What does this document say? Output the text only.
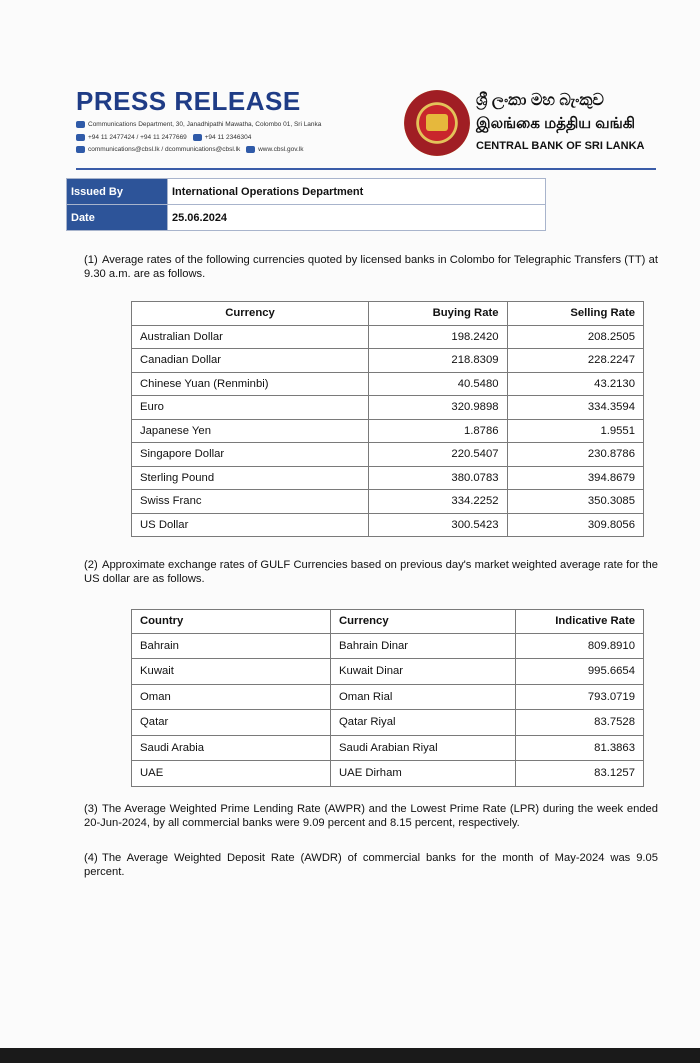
PRESS RELEASE
Communications Department, 30, Janadhipathi Mawatha, Colombo 01, Sri Lanka
+94 11 2477424 / +94 11 2477669	+94 11 2346304
communications@cbsl.lk / dcommunications@cbsl.lk	www.cbsl.gov.lk
ශ්‍රී ලංකා මහ බැංකුව
இலங்கை மத்திய வங்கி
CENTRAL BANK OF SRI LANKA
Issued By	International Operations Department
Date	25.06.2024
(1) Average rates of the following currencies quoted by licensed banks in Colombo for Telegraphic Transfers (TT) at 9.30 a.m. are as follows.
Currency	Buying Rate	Selling Rate
Australian Dollar	198.2420	208.2505
Canadian Dollar	218.8309	228.2247
Chinese Yuan (Renminbi)	40.5480	43.2130
Euro	320.9898	334.3594
Japanese Yen	1.8786	1.9551
Singapore Dollar	220.5407	230.8786
Sterling Pound	380.0783	394.8679
Swiss Franc	334.2252	350.3085
US Dollar	300.5423	309.8056
(2) Approximate exchange rates of GULF Currencies based on previous day's market weighted average rate for the US dollar are as follows.
Country	Currency	Indicative Rate
Bahrain	Bahrain Dinar	809.8910
Kuwait	Kuwait Dinar	995.6654
Oman	Oman Rial	793.0719
Qatar	Qatar Riyal	83.7528
Saudi Arabia	Saudi Arabian Riyal	81.3863
UAE	UAE Dirham	83.1257
(3) The Average Weighted Prime Lending Rate (AWPR) and the Lowest Prime Rate (LPR) during the week ended 20-Jun-2024, by all commercial banks were 9.09 percent and 8.15 percent, respectively.
(4) The Average Weighted Deposit Rate (AWDR) of commercial banks for the month of May-2024 was 9.05 percent.
